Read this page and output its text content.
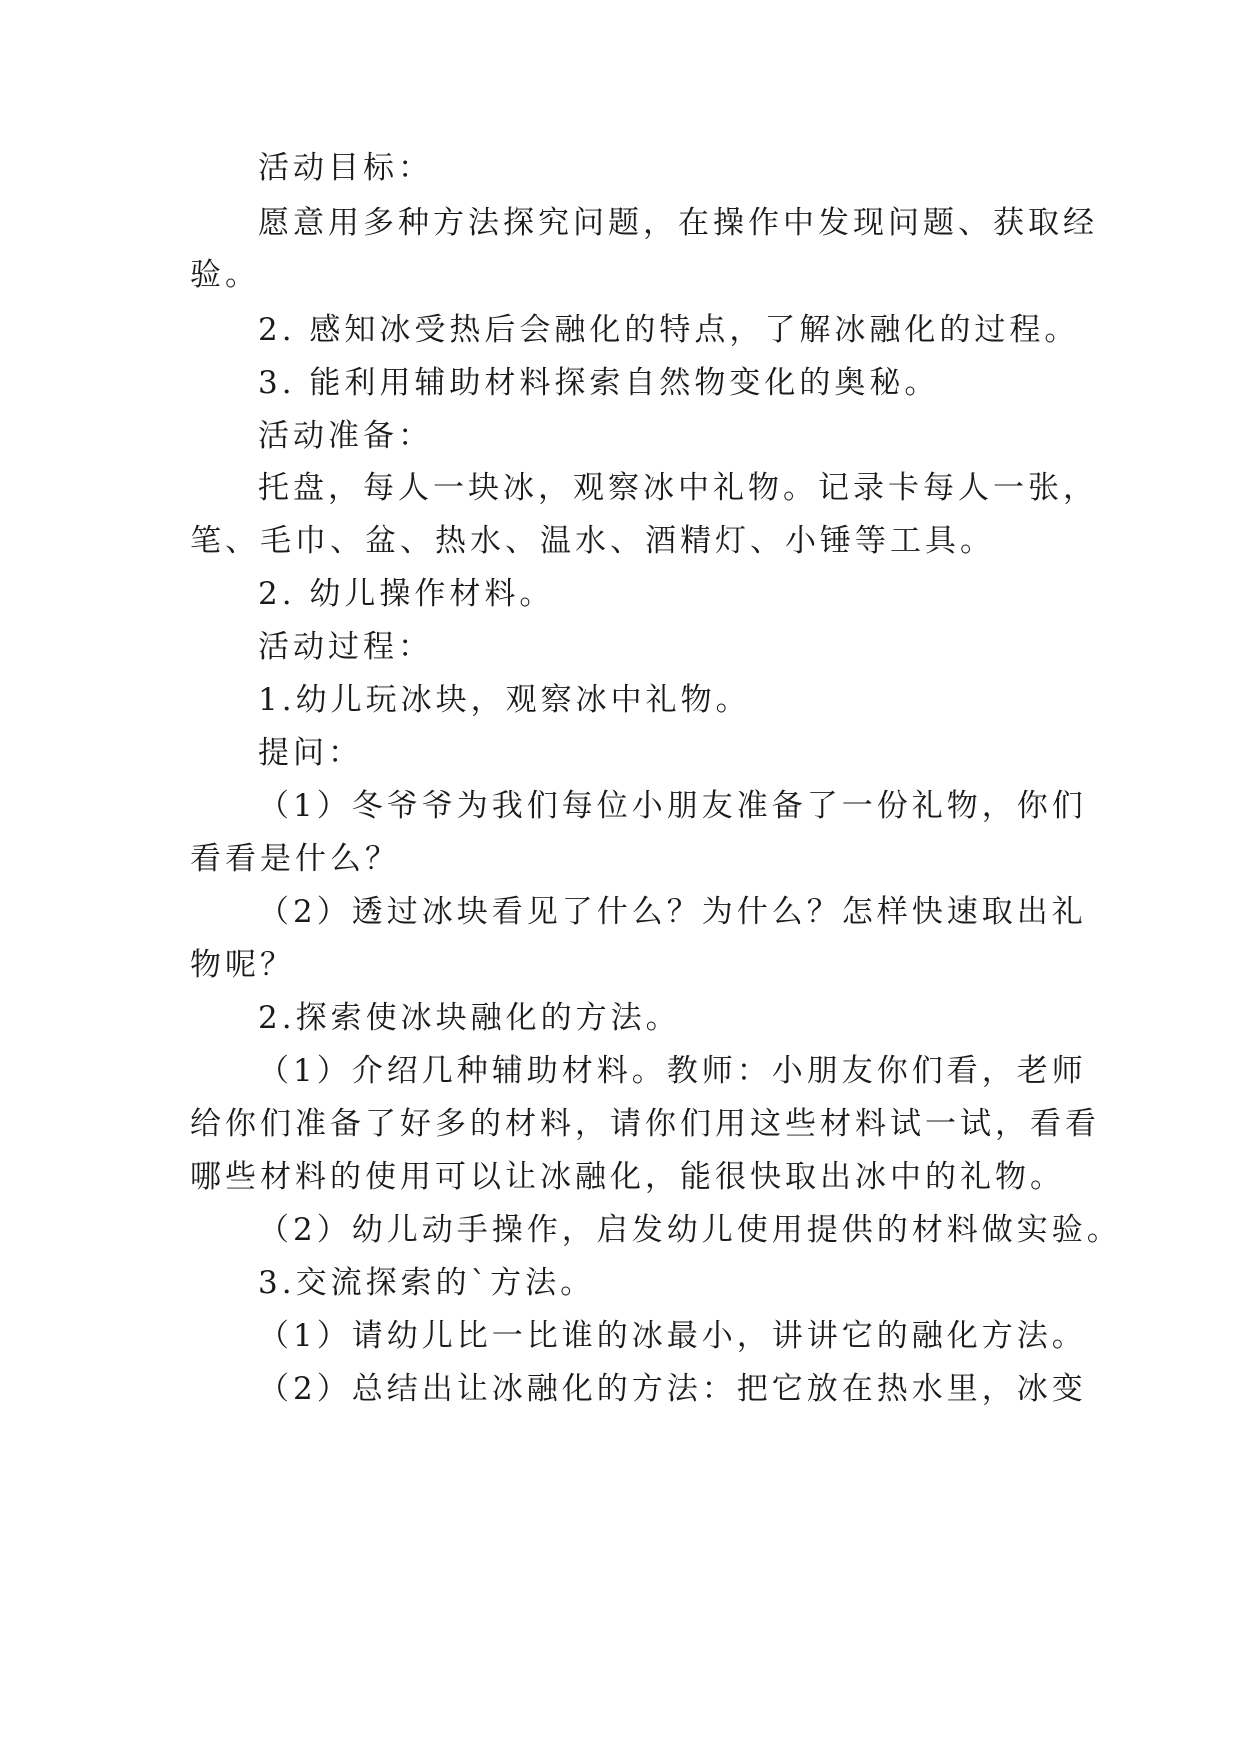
活动目标：
愿意用多种方法探究问题，在操作中发现问题、获取经
验。
2. 感知冰受热后会融化的特点，了解冰融化的过程。
3. 能利用辅助材料探索自然物变化的奥秘。
活动准备：
托盘，每人一块冰，观察冰中礼物。记录卡每人一张，
笔、毛巾、盆、热水、温水、酒精灯、小锤等工具。
2. 幼儿操作材料。
活动过程：
1.幼儿玩冰块，观察冰中礼物。
提问：
（1）冬爷爷为我们每位小朋友准备了一份礼物，你们
看看是什么？
（2）透过冰块看见了什么？为什么？怎样快速取出礼
物呢？
2.探索使冰块融化的方法。
（1）介绍几种辅助材料。教师：小朋友你们看，老师
给你们准备了好多的材料，请你们用这些材料试一试，看看
哪些材料的使用可以让冰融化，能很快取出冰中的礼物。
（2）幼儿动手操作，启发幼儿使用提供的材料做实验。
3.交流探索的`方法。
（1）请幼儿比一比谁的冰最小，讲讲它的融化方法。
（2）总结出让冰融化的方法：把它放在热水里，冰变
